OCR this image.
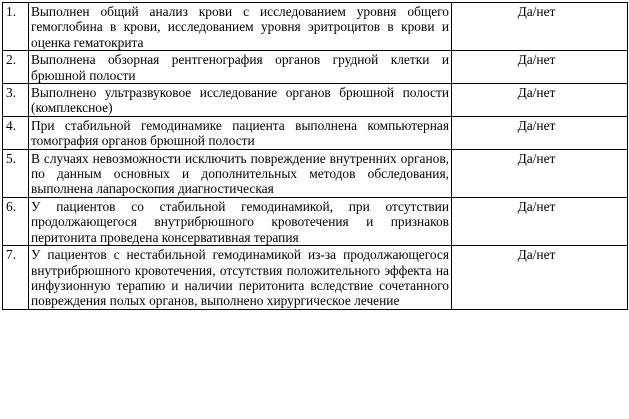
1.	Выполнен общий анализ крови с исследованием уровня общего гемоглобина в крови, исследованием уровня эритроцитов в крови и оценка гематокрита	Да/нет
2.	Выполнена обзорная рентгенография органов грудной клетки и брюшной полости	Да/нет
3.	Выполнено ультразвуковое исследование органов брюшной полости (комплексное)	Да/нет
4.	При стабильной гемодинамике пациента выполнена компьютерная томография органов брюшной полости	Да/нет
5.	В случаях невозможности исключить повреждение внутренних органов, по данным основных и дополнительных методов обследования, выполнена лапароскопия диагностическая	Да/нет
6.	У пациентов со стабильной гемодинамикой, при отсутствии продолжающегося внутрибрюшного кровотечения и признаков перитонита проведена консервативная терапия	Да/нет
7.	У пациентов с нестабильной гемодинамикой из-за продолжающегося внутрибрюшного кровотечения, отсутствия положительного эффекта на инфузионную терапию и наличии перитонита вследствие сочетанного повреждения полых органов, выполнено хирургическое лечение	Да/нет
